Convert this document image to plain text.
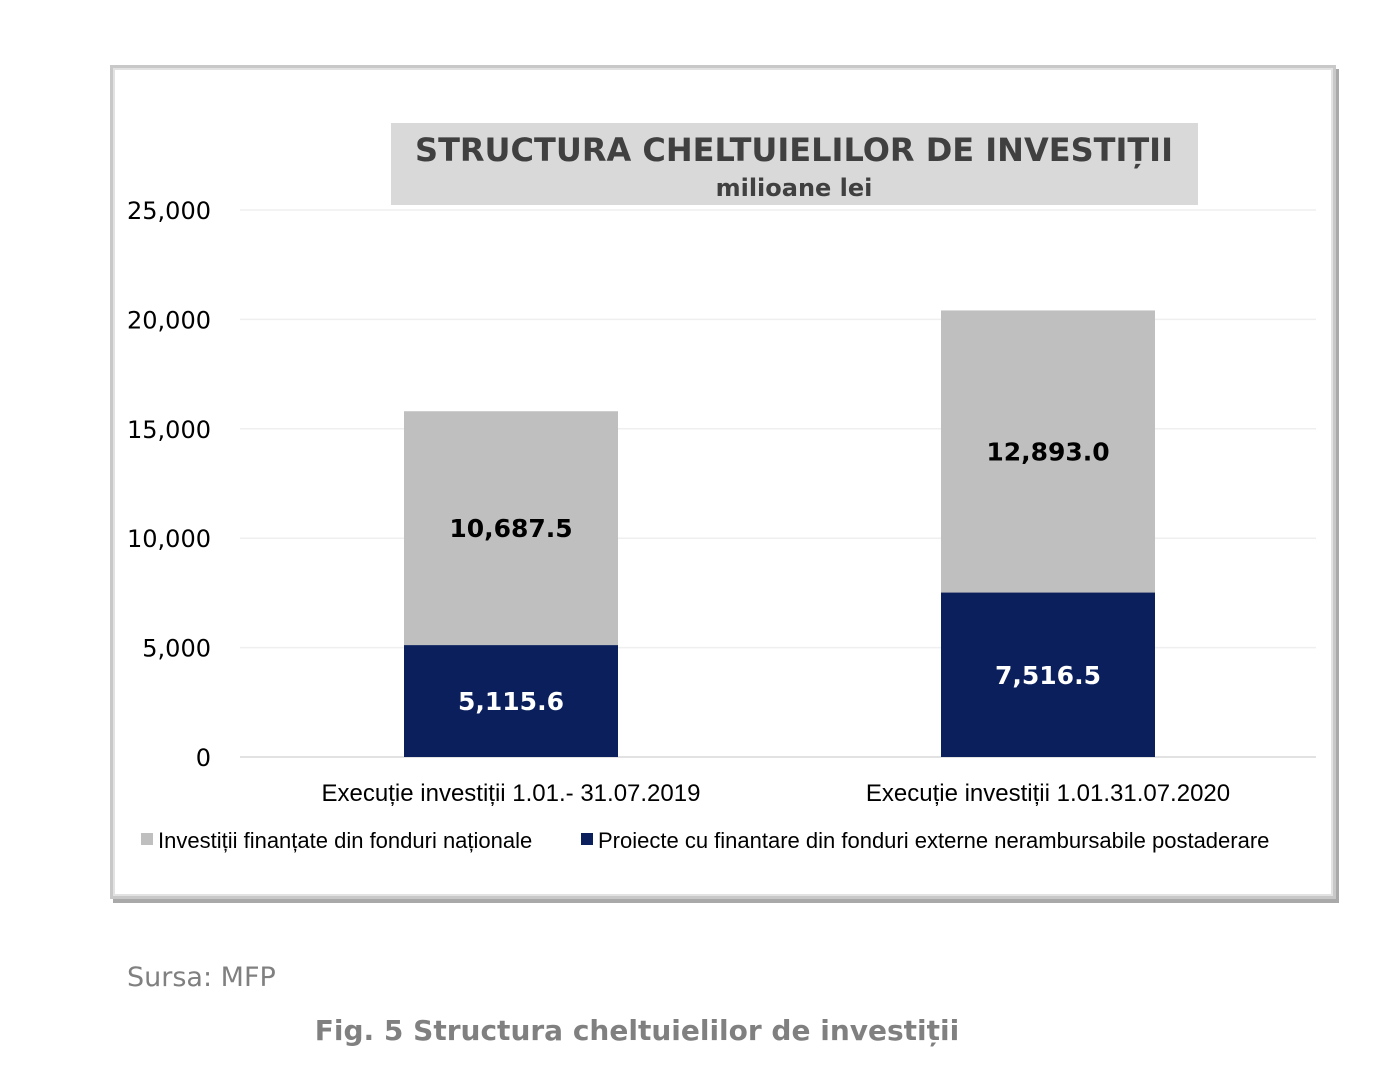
STRUCTURA CHELTUIELILOR DE INVESTIȚII
milioane lei
0
5,000
10,000
15,000
20,000
25,000
5,115.6
10,687.5
Execuție investiții 1.01.- 31.07.2019
7,516.5
12,893.0
Execuție investiții 1.01.31.07.2020
Investiții finanțate din fonduri naționale	Proiecte cu finantare din fonduri externe nerambursabile postaderare
Sursa: MFP
Fig. 5 Structura cheltuielilor de investiții
